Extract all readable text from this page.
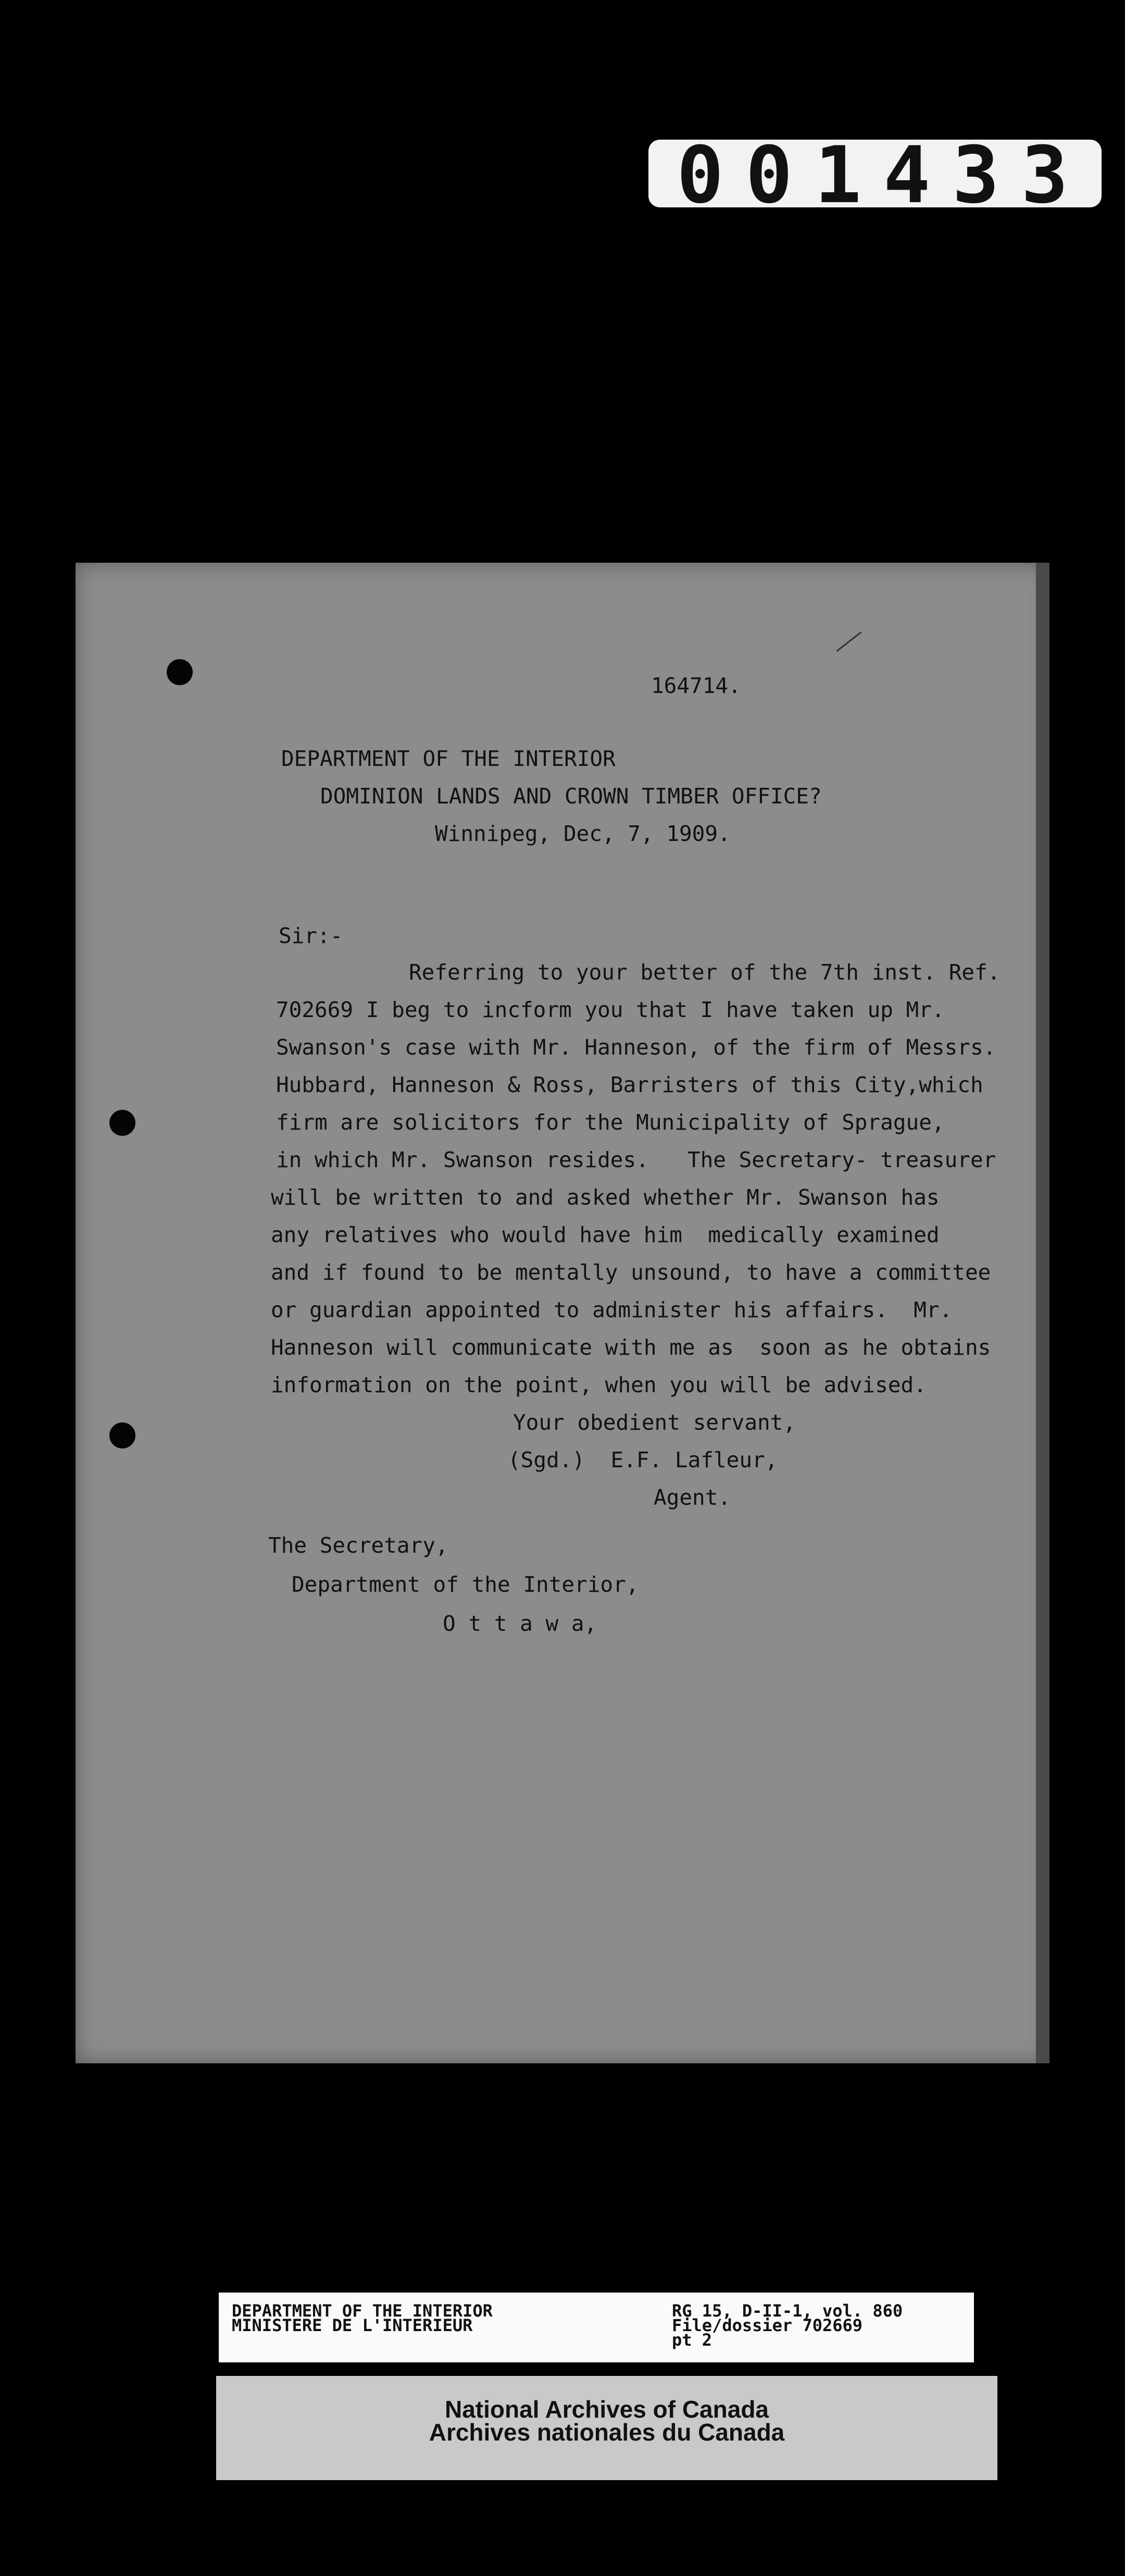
001433
164714.
DEPARTMENT OF THE INTERIOR
DOMINION LANDS AND CROWN TIMBER OFFICE?
Winnipeg, Dec, 7, 1909.
Sir:-
Referring to your better of the 7th inst. Ref.
702669 I beg to incform you that I have taken up Mr.
Swanson's case with Mr. Hanneson, of the firm of Messrs.
Hubbard, Hanneson & Ross, Barristers of this City,which
firm are solicitors for the Municipality of Sprague,
in which Mr. Swanson resides.   The Secretary- treasurer
will be written to and asked whether Mr. Swanson has
any relatives who would have him  medically examined
and if found to be mentally unsound, to have a committee
or guardian appointed to administer his affairs.  Mr.
Hanneson will communicate with me as  soon as he obtains
information on the point, when you will be advised.
Your obedient servant,
(Sgd.)  E.F. Lafleur,
Agent.
The Secretary,
Department of the Interior,
O t t a w a,
DEPARTMENT OF THE INTERIOR
MINISTERE DE L'INTERIEUR
RG 15, D-II-1, vol. 860
File/dossier 702669
pt 2
National Archives of Canada
Archives nationales du Canada
